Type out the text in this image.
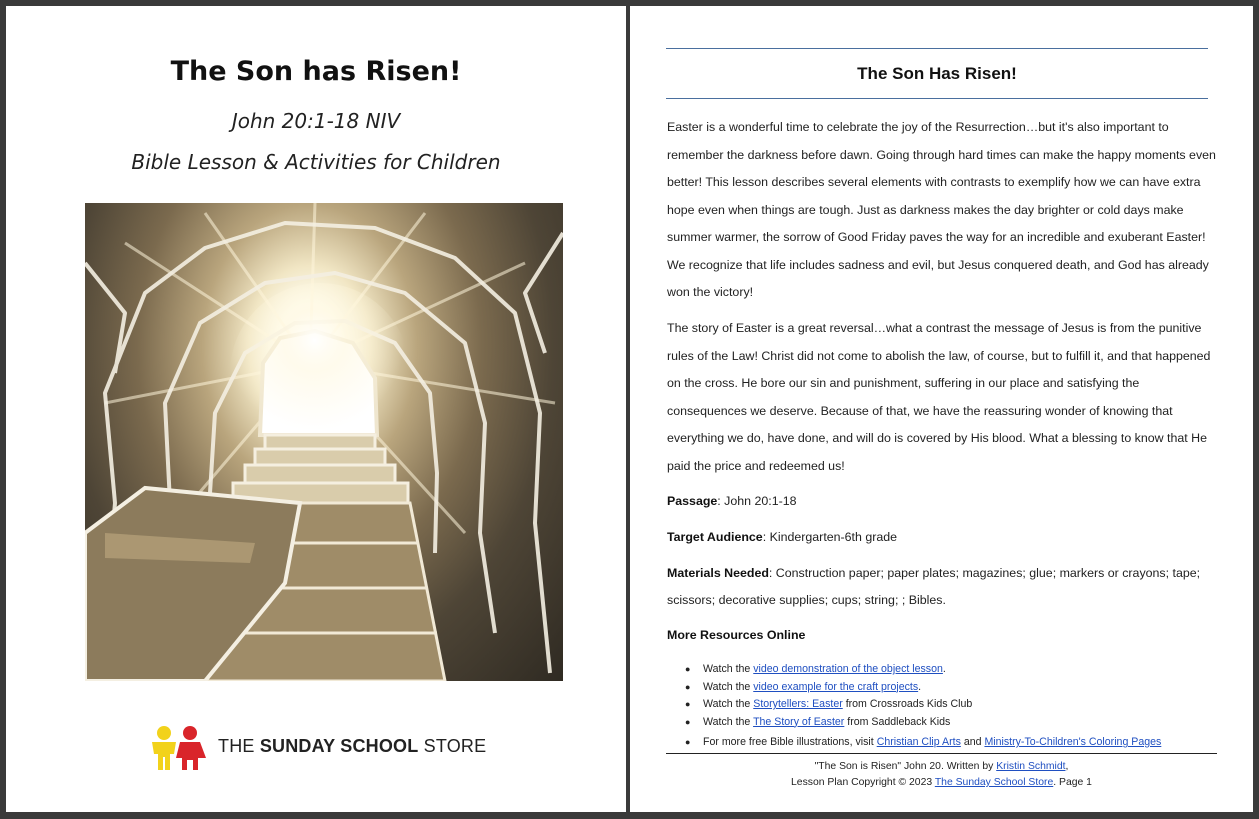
The Son has Risen!
John 20:1-18 NIV
Bible Lesson & Activities for Children
THE SUNDAY SCHOOL STORE
The Son Has Risen!
Easter is a wonderful time to celebrate the joy of the Resurrection…but it's also important to remember the darkness before dawn. Going through hard times can make the happy moments even better! This lesson describes several elements with contrasts to exemplify how we can have extra hope even when things are tough. Just as darkness makes the day brighter or cold days make summer warmer, the sorrow of Good Friday paves the way for an incredible and exuberant Easter! We recognize that life includes sadness and evil, but Jesus conquered death, and God has already won the victory!
The story of Easter is a great reversal…what a contrast the message of Jesus is from the punitive rules of the Law! Christ did not come to abolish the law, of course, but to fulfill it, and that happened on the cross. He bore our sin and punishment, suffering in our place and satisfying the consequences we deserve. Because of that, we have the reassuring wonder of knowing that everything we do, have done, and will do is covered by His blood. What a blessing to know that He paid the price and redeemed us!
Passage: John 20:1-18
Target Audience: Kindergarten-6th grade
Materials Needed: Construction paper; paper plates; magazines; glue; markers or crayons; tape; scissors; decorative supplies; cups; string; ; Bibles.
More Resources Online
● Watch the video demonstration of the object lesson.
● Watch the video example for the craft projects.
● Watch the Storytellers: Easter from Crossroads Kids Club
● Watch the The Story of Easter from Saddleback Kids
● For more free Bible illustrations, visit Christian Clip Arts and Ministry-To-Children's Coloring Pages
"The Son is Risen" John 20. Written by Kristin Schmidt,
Lesson Plan Copyright © 2023 The Sunday School Store. Page 1
